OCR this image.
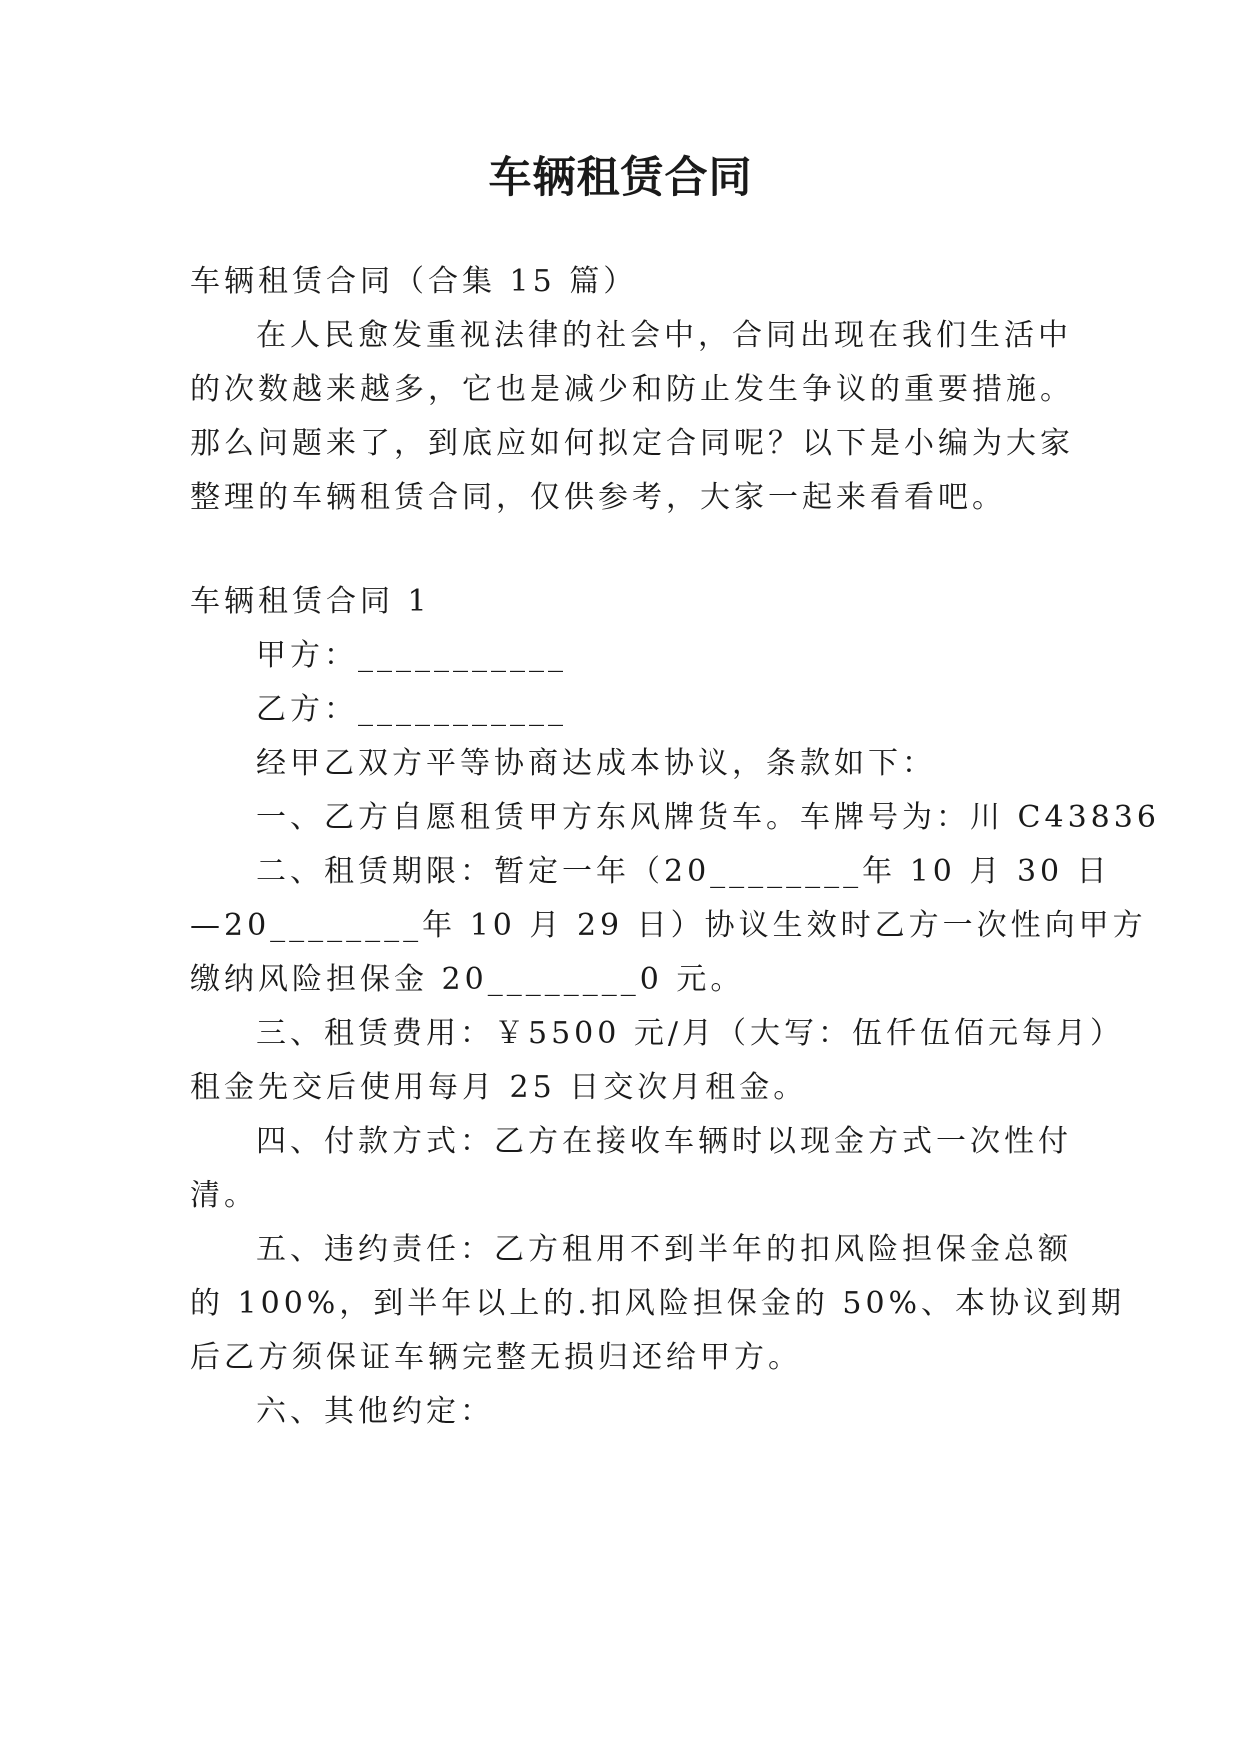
车辆租赁合同
车辆租赁合同（合集 15 篇）
在人民愈发重视法律的社会中，合同出现在我们生活中
的次数越来越多，它也是减少和防止发生争议的重要措施。
那么问题来了，到底应如何拟定合同呢？以下是小编为大家
整理的车辆租赁合同，仅供参考，大家一起来看看吧。
车辆租赁合同 1
甲方：___________
乙方：___________
经甲乙双方平等协商达成本协议，条款如下：
一、乙方自愿租赁甲方东风牌货车。车牌号为：川 C43836
二、租赁期限：暂定一年（20________年 10 月 30 日
—20________年 10 月 29 日）协议生效时乙方一次性向甲方
缴纳风险担保金 20________0 元。
三、租赁费用：￥5500 元/月（大写：伍仟伍佰元每月）
租金先交后使用每月 25 日交次月租金。
四、付款方式：乙方在接收车辆时以现金方式一次性付
清。
五、违约责任：乙方租用不到半年的扣风险担保金总额
的 100%，到半年以上的.扣风险担保金的 50%、本协议到期
后乙方须保证车辆完整无损归还给甲方。
六、其他约定：
